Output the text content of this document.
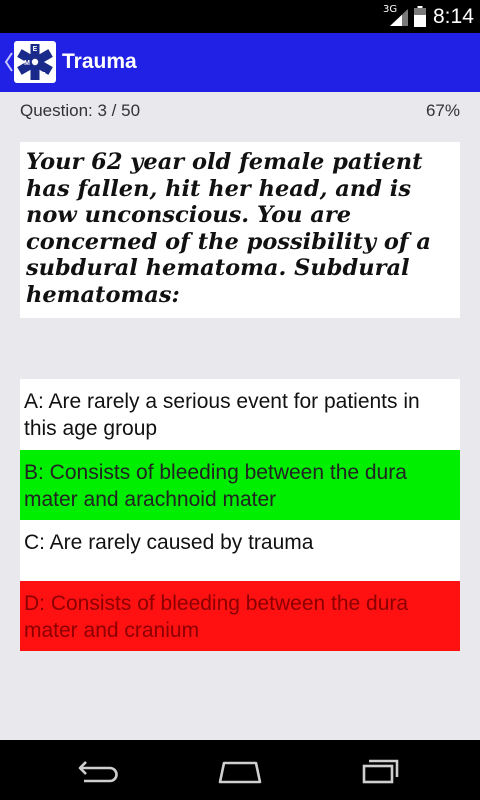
3G 8:14
E
M
T
Trauma
Question: 3 / 50	67%
Your 62 year old female patient has fallen, hit her head, and is now unconscious. You are concerned of the possibility of a subdural hematoma. Subdural hematomas:
A: Are rarely a serious event for patients in this age group
B: Consists of bleeding between the dura mater and arachnoid mater
C: Are rarely caused by trauma
D: Consists of bleeding between the dura mater and cranium
